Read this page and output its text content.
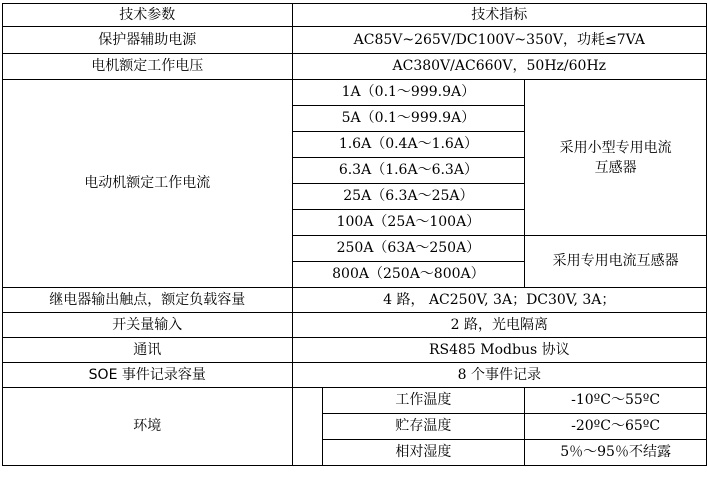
技术参数	技术指标		
保护器辅助电源	AC85V~265V/DC100V~350V，功耗≤7VA		
电机额定工作电压	AC380V/AC660V，50Hz/60Hz		
电动机额定工作电流	1A（0.1～999.9A）		采用小型专用电流互感器
	5A（0.1～999.9A）		
	1.6A（0.4A～1.6A）		
	6.3A（1.6A～6.3A）		
	25A（6.3A～25A）		
	100A（25A～100A）		
	250A（63A～250A）		采用专用电流互感器
	800A（250A～800A）		
继电器输出触点，额定负载容量	4 路， AC250V, 3A；DC30V, 3A；		
开关量输入	2 路，光电隔离		
通讯	RS485 Modbus 协议		
SOE 事件记录容量	8 个事件记录		
环境		工作温度	-10ºC～55ºC
		贮存温度	-20ºC～65ºC
		相对湿度	5％～95％不结露
